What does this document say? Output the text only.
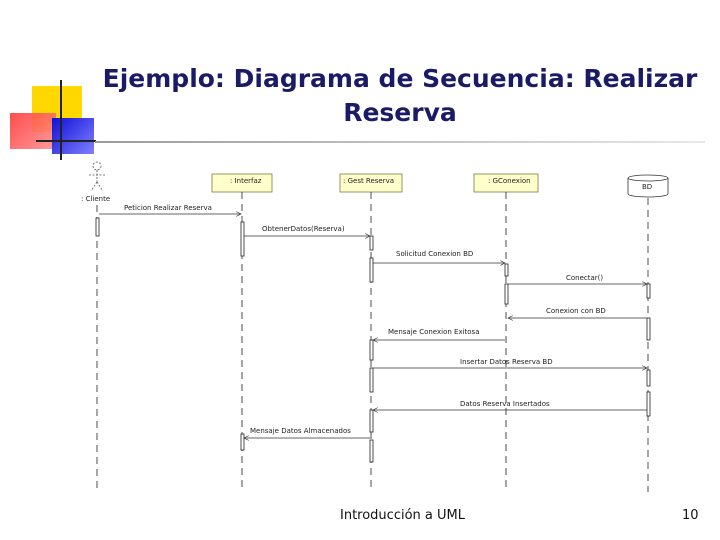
Ejemplo: Diagrama de Secuencia: Realizar
Reserva
: Cliente
: Interfaz	: Gest Reserva	: GConexion
BD
Peticion Realizar Reserva
ObtenerDatos(Reserva)
Solicitud Conexion BD
Conectar()
Conexion con BD
Mensaje Conexion Exitosa
Insertar Datos Reserva BD
Datos Reserva Insertados
Mensaje Datos Almacenados
Introducción a UML	10
